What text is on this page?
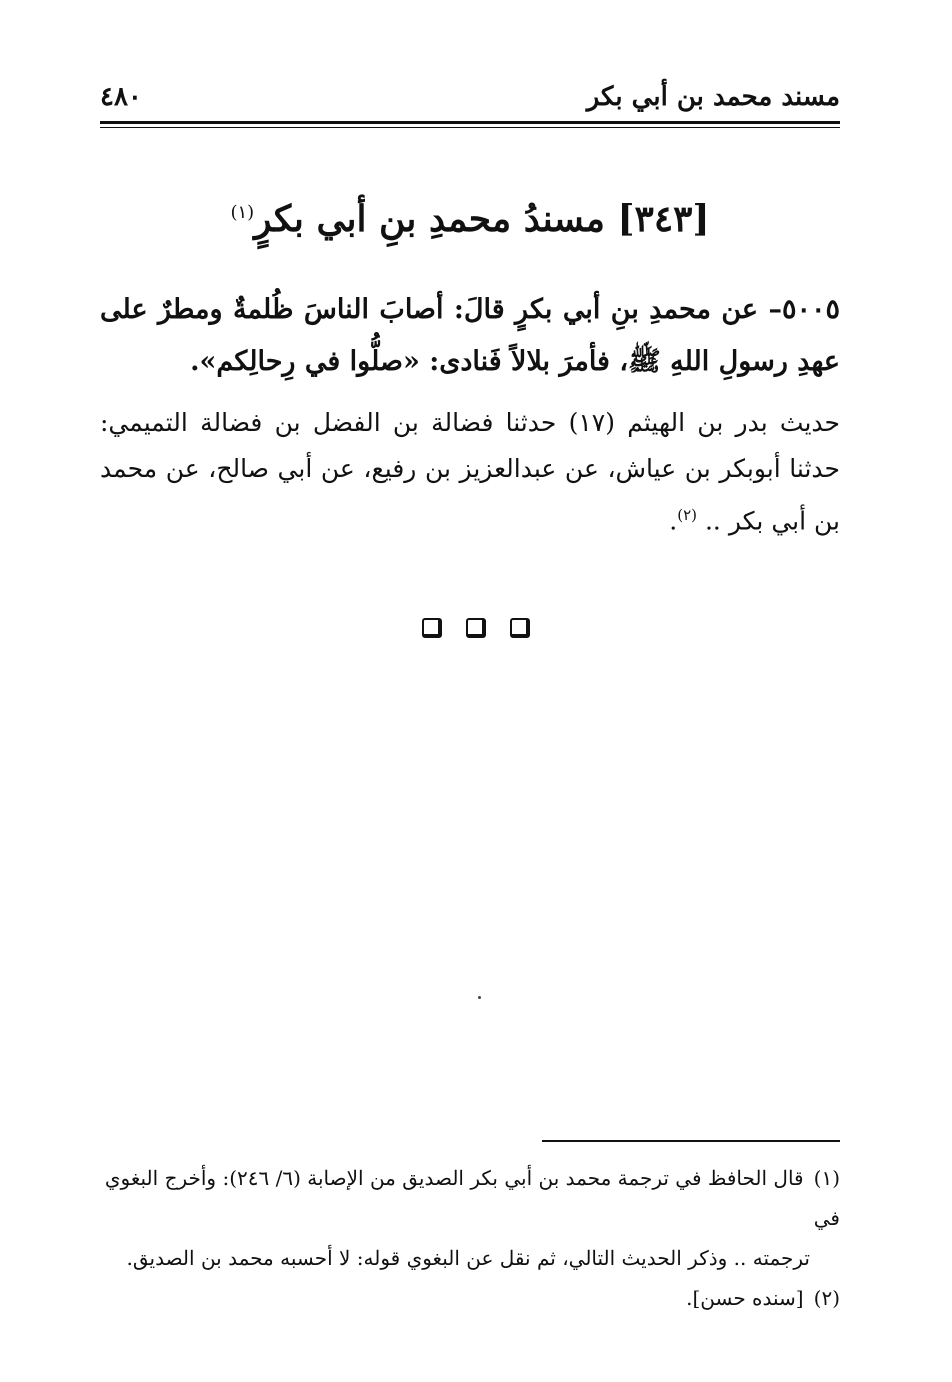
مسند محمد بن أبي بكر
٤٨٠
[٣٤٣] مسندُ محمدِ بنِ أبي بكرٍ$^{(١)}$
٥٠٠٥– عن محمدِ بنِ أبي بكرٍ قالَ: أصابَ الناسَ ظُلمةٌ ومطرٌ على عهدِ رسولِ اللهِ ﷺ، فأمرَ بلالاً فَنادى: «صلُّوا في رِحالِكم».
حديث بدر بن الهيثم (١٧) حدثنا فضالة بن الفضل بن فضالة التميمي: حدثنا أبوبكر بن عياش، عن عبدالعزيز بن رفيع، عن أبي صالح، عن محمد بن أبي بكر .. $^{(٢)}$.
(١)قال الحافظ في ترجمة محمد بن أبي بكر الصديق من الإصابة (٦/ ٢٤٦): وأخرج البغوي في
ترجمته .. وذكر الحديث التالي، ثم نقل عن البغوي قوله: لا أحسبه محمد بن الصديق.
(٢)[سنده حسن].
